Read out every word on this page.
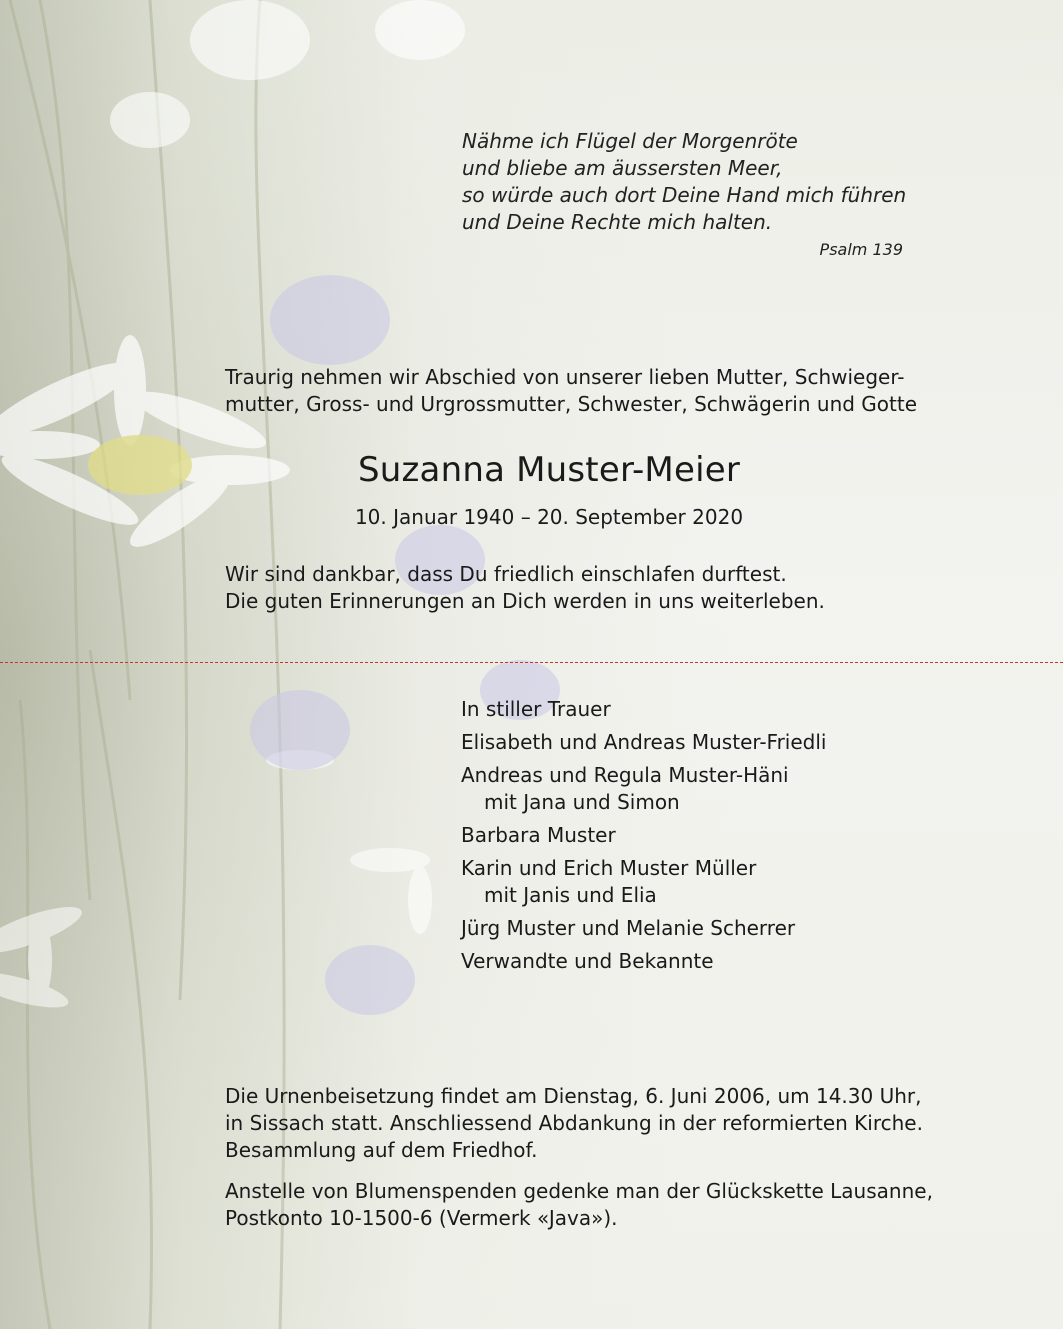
Nähme ich Flügel der Morgenröte
und bliebe am äussersten Meer,
so würde auch dort Deine Hand mich führen
und Deine Rechte mich halten.
Psalm 139
Traurig nehmen wir Abschied von unserer lieben Mutter, Schwieger-
mutter, Gross- und Urgrossmutter, Schwester, Schwägerin und Gotte
Suzanna Muster-Meier
10. Januar 1940 – 20. September 2020
Wir sind dankbar, dass Du friedlich einschlafen durftest.
Die guten Erinnerungen an Dich werden in uns weiterleben.
In stiller Trauer
Elisabeth und Andreas Muster-Friedli
Andreas und Regula Muster-Häni
mit Jana und Simon
Barbara Muster
Karin und Erich Muster Müller
mit Janis und Elia
Jürg Muster und Melanie Scherrer
Verwandte und Bekannte

Die Urnenbeisetzung findet am Dienstag, 6. Juni 2006, um 14.30 Uhr,
in Sissach statt. Anschliessend Abdankung in der reformierten Kirche.
Besammlung auf dem Friedhof.

Anstelle von Blumenspenden gedenke man der Glückskette Lausanne,
Postkonto 10-1500-6 (Vermerk «Java»).
